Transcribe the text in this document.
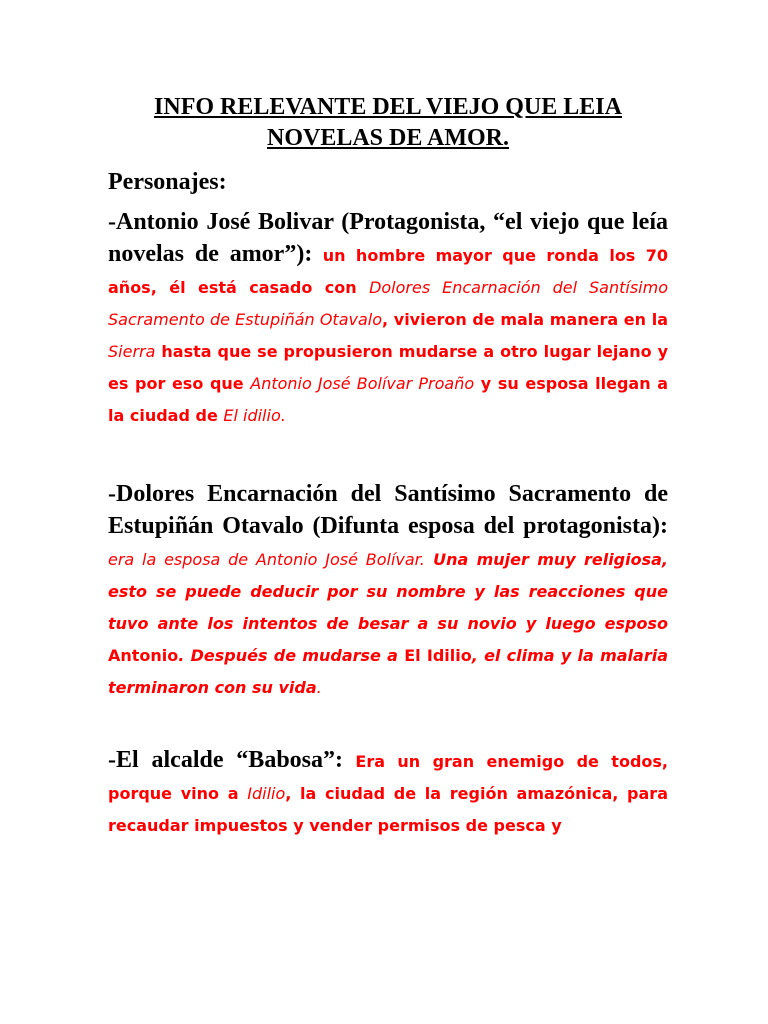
INFO RELEVANTE DEL VIEJO QUE LEIA NOVELAS DE AMOR.
Personajes:

-Antonio José Bolivar (Protagonista, “el viejo que leía novelas de amor”): un hombre mayor que ronda los 70 años, él está casado con Dolores Encarnación del Santísimo Sacramento de Estupiñán Otavalo, vivieron de mala manera en la Sierra hasta que se propusieron mudarse a otro lugar lejano y es por eso que Antonio José Bolívar Proaño y su esposa llegan a la ciudad de El idilio.

-Dolores Encarnación del Santísimo Sacramento de Estupiñán Otavalo (Difunta esposa del protagonista): era la esposa de Antonio José Bolívar. Una mujer muy religiosa, esto se puede deducir por su nombre y las reacciones que tuvo ante los intentos de besar a su novio y luego esposo Antonio. Después de mudarse a El Idilio, el clima y la malaria terminaron con su vida.

-El alcalde “Babosa”: Era un gran enemigo de todos, porque vino a Idilio, la ciudad de la región amazónica, para recaudar impuestos y vender permisos de pesca y
